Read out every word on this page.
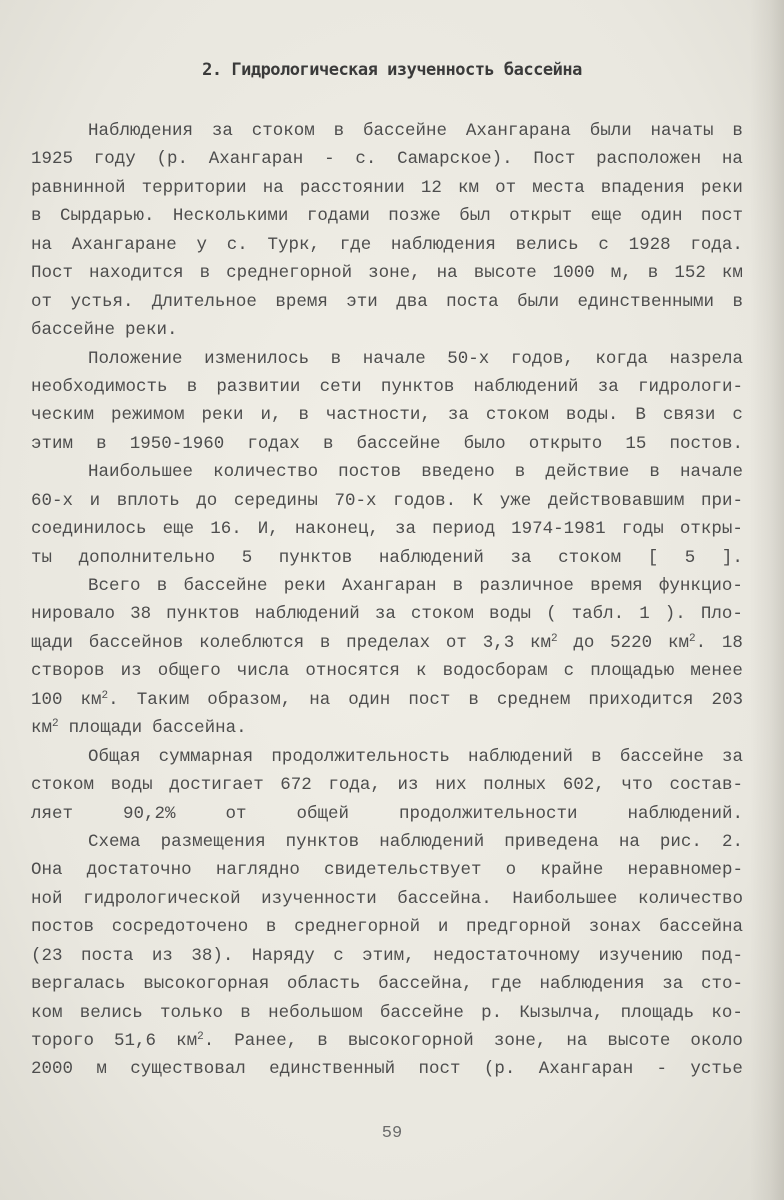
2. Гидрологическая изученность бассейна
Наблюдения за стоком в бассейне Ахангарана были начаты в
1925 году (р. Ахангаран - с. Самарское). Пост расположен на
равнинной территории на расстоянии 12 км от места впадения реки
в Сырдарью. Несколькими годами позже был открыт еще один пост
на Ахангаране у с. Турк, где наблюдения велись с 1928 года.
Пост находится в среднегорной зоне, на высоте 1000 м, в 152 км
от устья. Длительное время эти два поста были единственными в
бассейне реки.
Положение изменилось в начале 50-х годов, когда назрела
необходимость в развитии сети пунктов наблюдений за гидрологи-
ческим режимом реки и, в частности, за стоком воды. В связи с
этим в 1950-1960 годах в бассейне было открыто 15 постов.
Наибольшее количество постов введено в действие в начале
60-х и вплоть до середины 70-х годов. К уже действовавшим при-
соединилось еще 16. И, наконец, за период 1974-1981 годы откры-
ты дополнительно 5 пунктов наблюдений за стоком [ 5 ].
Всего в бассейне реки Ахангаран в различное время функцио-
нировало 38 пунктов наблюдений за стоком воды ( табл. 1 ). Пло-
щади бассейнов колеблются в пределах от 3,3 $км^2$ до 5220 $км^2$. 18
створов из общего числа относятся к водосборам с площадью менее
100 $км^2$. Таким образом, на один пост в среднем приходится 203
$км^2$ площади бассейна.
Общая суммарная продолжительность наблюдений в бассейне за
стоком воды достигает 672 года, из них полных 602, что состав-
ляет	90,2%	от	общей	продолжительности	наблюдений.
Схема размещения пунктов наблюдений приведена на рис. 2.
Она достаточно наглядно свидетельствует о крайне неравномер-
ной гидрологической изученности бассейна. Наибольшее количество
постов сосредоточено в среднегорной и предгорной зонах бассейна
(23 поста из 38). Наряду с этим, недостаточному изучению под-
вергалась высокогорная область бассейна, где наблюдения за сто-
ком велись только в небольшом бассейне р. Кызылча, площадь ко-
торого 51,6 $км^2$. Ранее, в высокогорной зоне, на высоте около
2000 м существовал единственный пост (р. Ахангаран - устье
59
